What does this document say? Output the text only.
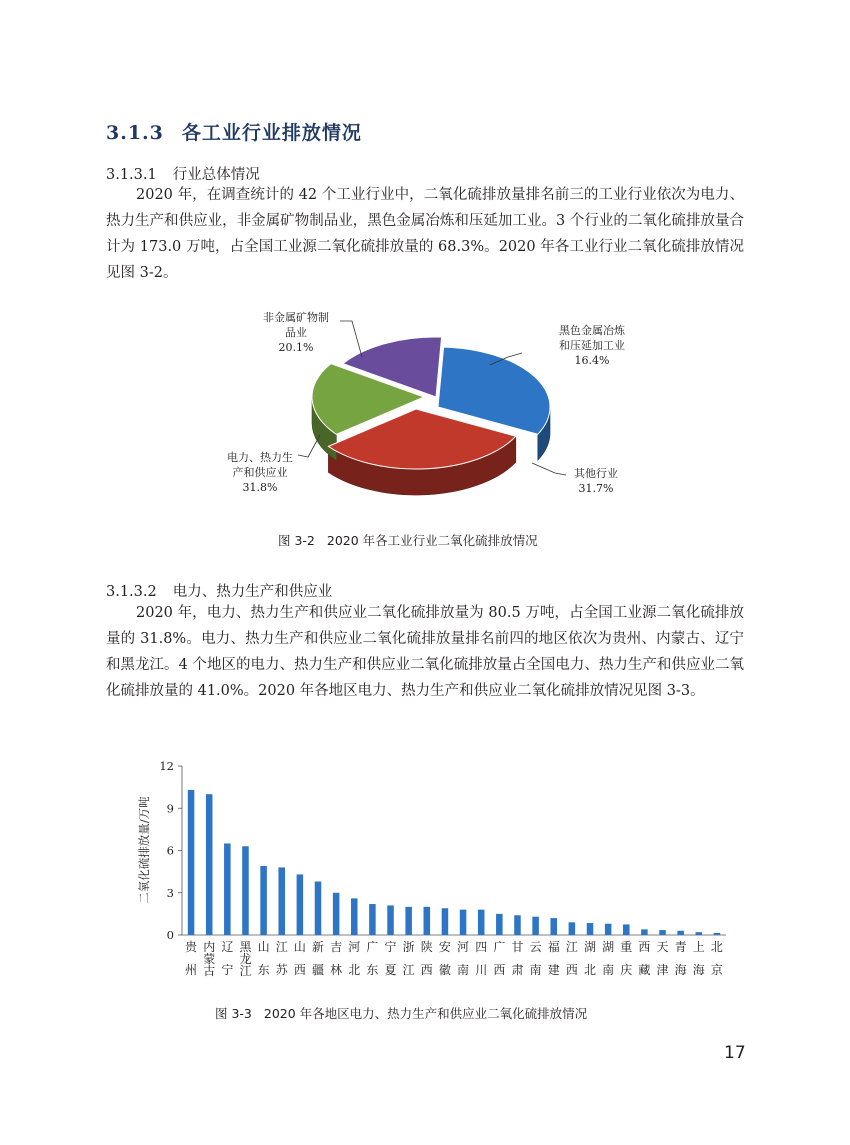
3.1.3 各工业行业排放情况
3.1.3.1 行业总体情况

2020 年，在调查统计的 42 个工业行业中，二氧化硫排放量排名前三的工业行业依次为电力、热力生产和供应业，非金属矿物制品业，黑色金属冶炼和压延加工业。3 个行业的二氧化硫排放量合计为 173.0 万吨，占全国工业源二氧化硫排放量的 68.3%。2020 年各工业行业二氧化硫排放情况见图 3-2。

非金属矿物制
品业
20.1%
黑色金属冶炼
和压延加工业
16.4%
电力、热力生
产和供应业
31.8%
其他行业
31.7%
图 3-2 2020 年各工业行业二氧化硫排放情况
3.1.3.2 电力、热力生产和供应业

2020 年，电力、热力生产和供应业二氧化硫排放量为 80.5 万吨，占全国工业源二氧化硫排放量的 31.8%。电力、热力生产和供应业二氧化硫排放量排名前四的地区依次为贵州、内蒙古、辽宁和黑龙江。4 个地区的电力、热力生产和供应业二氧化硫排放量占全国电力、热力生产和供应业二氧化硫排放量的 41.0%。2020 年各地区电力、热力生产和供应业二氧化硫排放情况见图 3-3。

贵州
内蒙古
辽宁
黑龙江
山东
江苏
山西
新疆
吉林
河北
广东
宁夏
浙江
陕西
安徽
河南
四川
广西
甘肃
云南
福建
江西
湖北
湖南
重庆
西藏
天津
青海
上海
北京
0
3
6
9
12
二氧化硫排放量/万吨
图 3-3 2020 年各地区电力、热力生产和供应业二氧化硫排放情况
17
